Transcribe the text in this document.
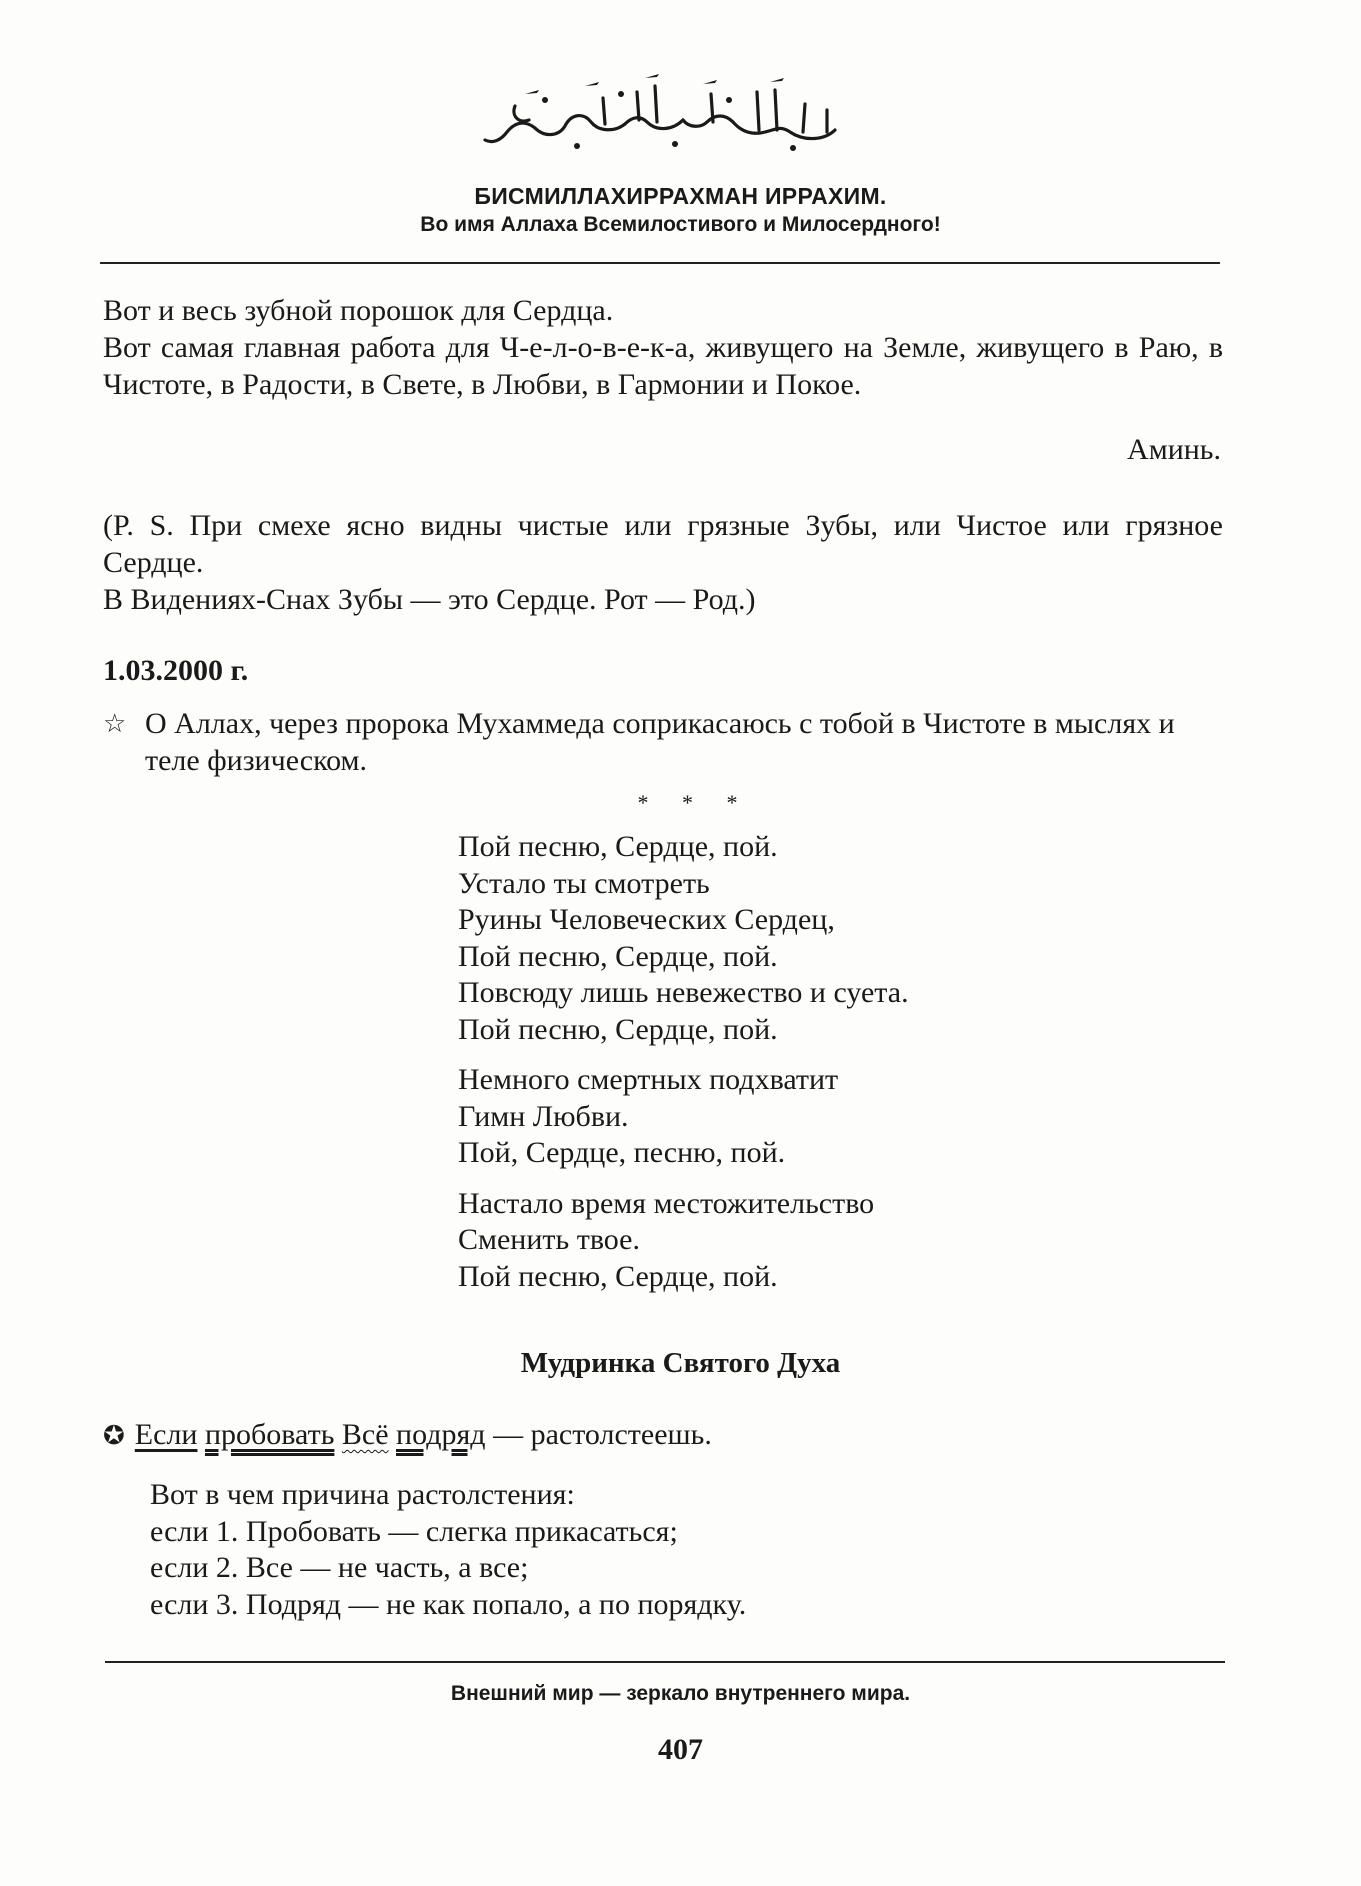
БИСМИЛЛАХИРРАХМАН ИРРАХИМ.
Во имя Аллаха Всемилостивого и Милосердного!

Вот и весь зубной порошок для Сердца.

Вот самая главная работа для Ч-е-л-о-в-е-к-а, живущего на Земле, живущего в Раю, в Чистоте, в Радости, в Свете, в Любви, в Гармонии и Покое.

Аминь.

(P. S. При смехе ясно видны чистые или грязные Зубы, или Чистое или грязное Сердце.

В Видениях-Снах Зубы — это Сердце. Рот — Род.)

1.03.2000 г.
☆ О Аллах, через пророка Мухаммеда соприкасаюсь с тобой в Чистоте в мыслях и теле физическом.
* * *
Пой песню, Сердце, пой.
Устало ты смотреть
Руины Человеческих Сердец,
Пой песню, Сердце, пой.
Повсюду лишь невежество и суета.
Пой песню, Сердце, пой.
Немного смертных подхватит
Гимн Любви.
Пой, Сердце, песню, пой.
Настало время местожительство
Сменить твое.
Пой песню, Сердце, пой.
Мудринка Святого Духа
✪ Если пробовать Всё подряд — растолстеешь.
Вот в чем причина растолстения:
если 1. Пробовать — слегка прикасаться;
если 2. Все — не часть, а все;
если 3. Подряд — не как попало, а по порядку.
Внешний мир — зеркало внутреннего мира.
407
